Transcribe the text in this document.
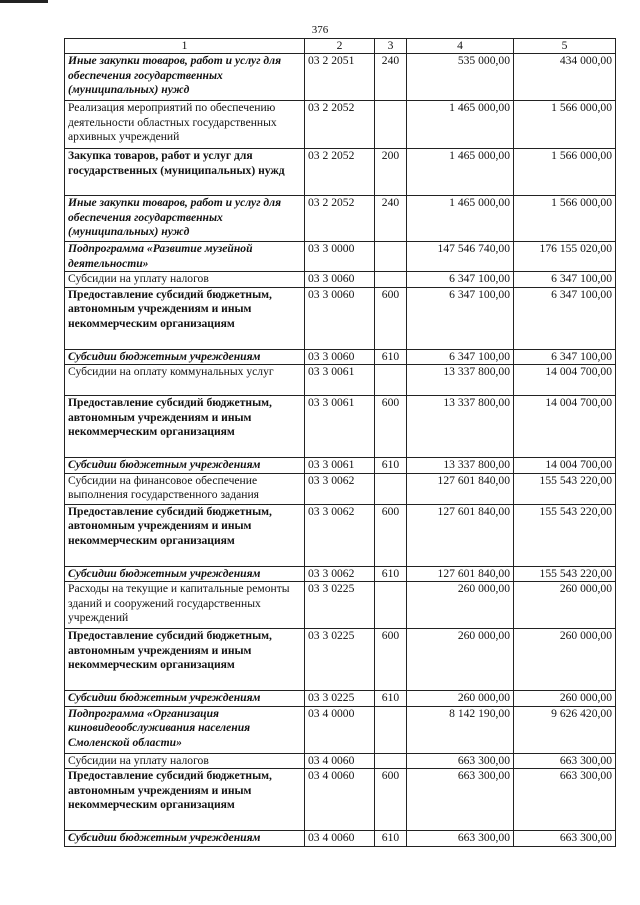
376
1	2	3	4	5
Иные закупки товаров, работ и услуг для обеспечения государственных (муниципальных) нужд	03 2 2051	240	535 000,00	434 000,00
Реализация мероприятий по обеспечению деятельности областных государственных архивных учреждений	03 2 2052		1 465 000,00	1 566 000,00
Закупка товаров, работ и услуг для государственных (муниципальных) нужд	03 2 2052	200	1 465 000,00	1 566 000,00
Иные закупки товаров, работ и услуг для обеспечения государственных (муниципальных) нужд	03 2 2052	240	1 465 000,00	1 566 000,00
Подпрограмма «Развитие музейной деятельности»	03 3 0000		147 546 740,00	176 155 020,00
Субсидии на уплату налогов	03 3 0060		6 347 100,00	6 347 100,00
Предоставление субсидий бюджетным, автономным учреждениям и иным некоммерческим организациям	03 3 0060	600	6 347 100,00	6 347 100,00
Субсидии бюджетным учреждениям	03 3 0060	610	6 347 100,00	6 347 100,00
Субсидии на оплату коммунальных услуг	03 3 0061		13 337 800,00	14 004 700,00
Предоставление субсидий бюджетным, автономным учреждениям и иным некоммерческим организациям	03 3 0061	600	13 337 800,00	14 004 700,00
Субсидии бюджетным учреждениям	03 3 0061	610	13 337 800,00	14 004 700,00
Субсидии на финансовое обеспечение выполнения государственного задания	03 3 0062		127 601 840,00	155 543 220,00
Предоставление субсидий бюджетным, автономным учреждениям и иным некоммерческим организациям	03 3 0062	600	127 601 840,00	155 543 220,00
Субсидии бюджетным учреждениям	03 3 0062	610	127 601 840,00	155 543 220,00
Расходы на текущие и капитальные ремонты зданий и сооружений государственных учреждений	03 3 0225		260 000,00	260 000,00
Предоставление субсидий бюджетным, автономным учреждениям и иным некоммерческим организациям	03 3 0225	600	260 000,00	260 000,00
Субсидии бюджетным учреждениям	03 3 0225	610	260 000,00	260 000,00
Подпрограмма «Организация киновидеообслуживания населения Смоленской области»	03 4 0000		8 142 190,00	9 626 420,00
Субсидии на уплату налогов	03 4 0060		663 300,00	663 300,00
Предоставление субсидий бюджетным, автономным учреждениям и иным некоммерческим организациям	03 4 0060	600	663 300,00	663 300,00
Субсидии бюджетным учреждениям	03 4 0060	610	663 300,00	663 300,00
